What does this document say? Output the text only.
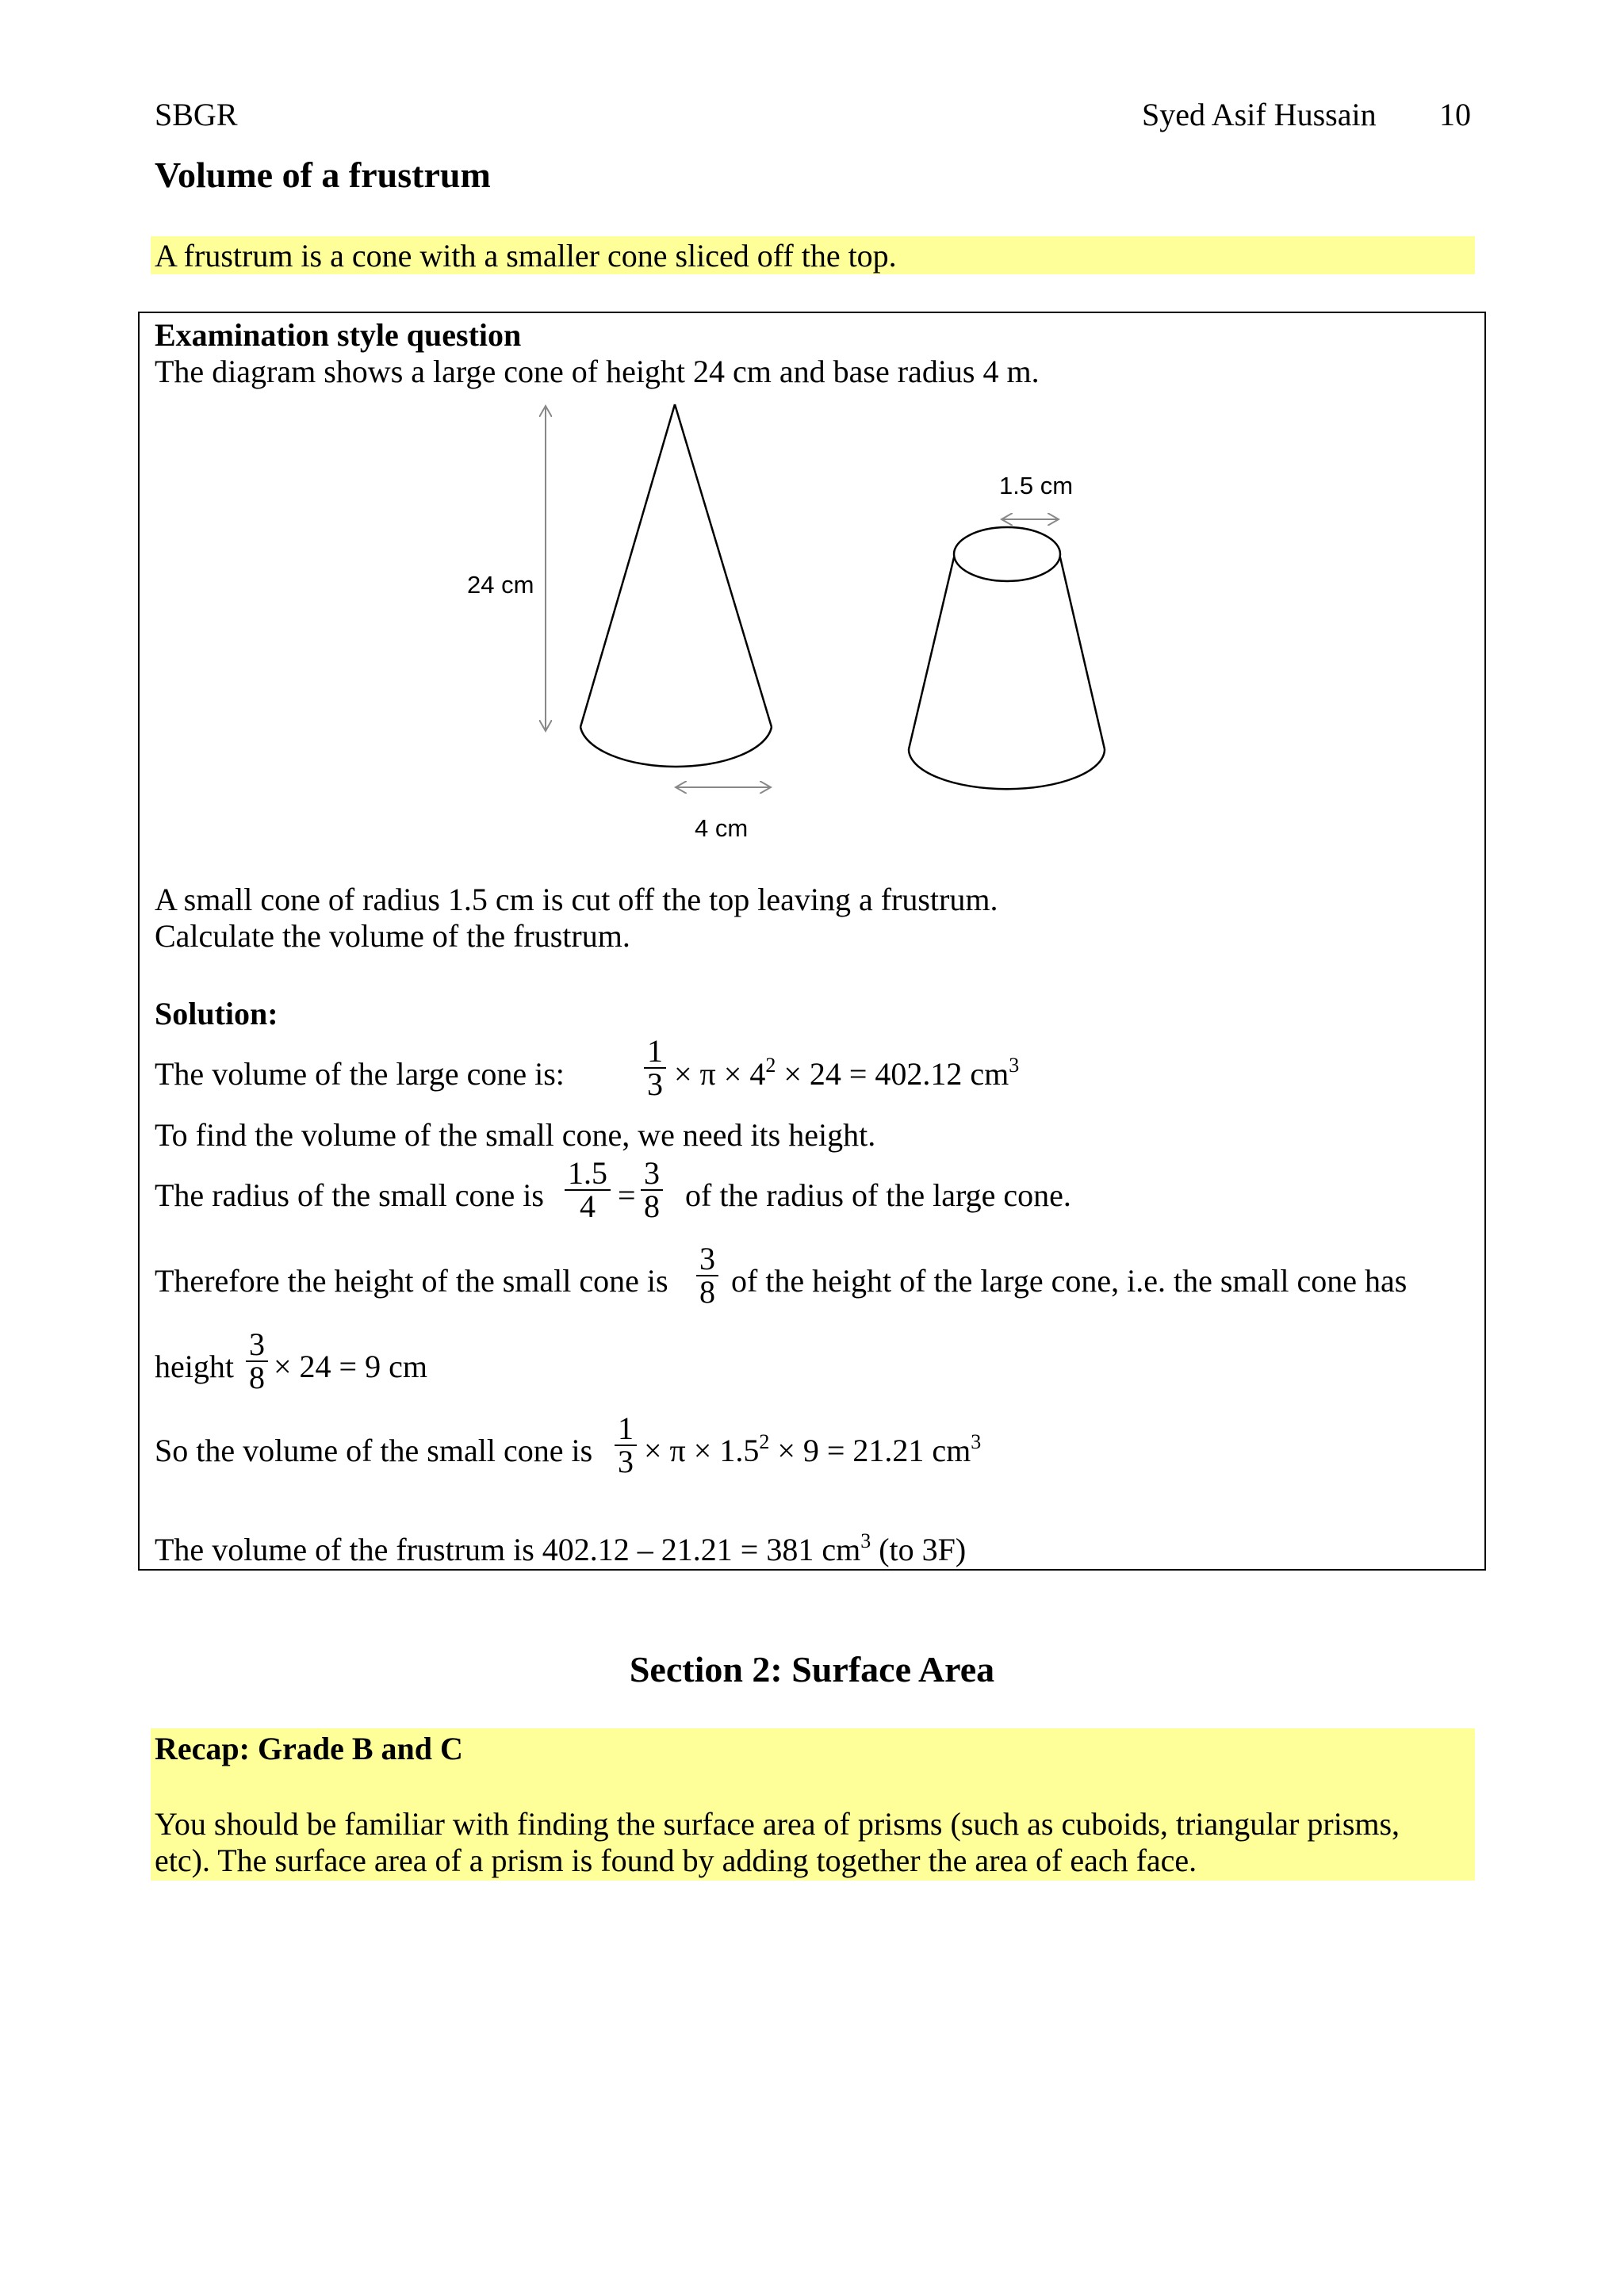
SBGR	Syed Asif Hussain 10
Volume of a frustrum
A frustrum is a cone with a smaller cone sliced off the top.
Examination style question
The diagram shows a large cone of height 24 cm and base radius 4 m.
24 cm
4 cm
1.5 cm
A small cone of radius 1.5 cm is cut off the top leaving a frustrum.
Calculate the volume of the frustrum.
Solution:
The volume of the large cone is:	$\frac{1}{3} \times \pi \times 4^2 \times 24 = 402.12$ $cm^3$
To find the volume of the small cone, we need its height.
The radius of the small cone is $\frac{1.5}{4} = \frac{3}{8}$ of the radius of the large cone.
Therefore the height of the small cone is $\frac{3}{8}$ of the height of the large cone, i.e. the small cone has
height $\frac{3}{8} \times 24 = 9$ cm
So the volume of the small cone is $\frac{1}{3} \times \pi \times 1.5^2 \times 9 = 21.21$ $cm^3$
The volume of the frustrum is 402.12 – 21.21 = 381 $cm^3$ (to 3F)
Section 2: Surface Area
Recap: Grade B and C
You should be familiar with finding the surface area of prisms (such as cuboids, triangular prisms,
etc). The surface area of a prism is found by adding together the area of each face.
